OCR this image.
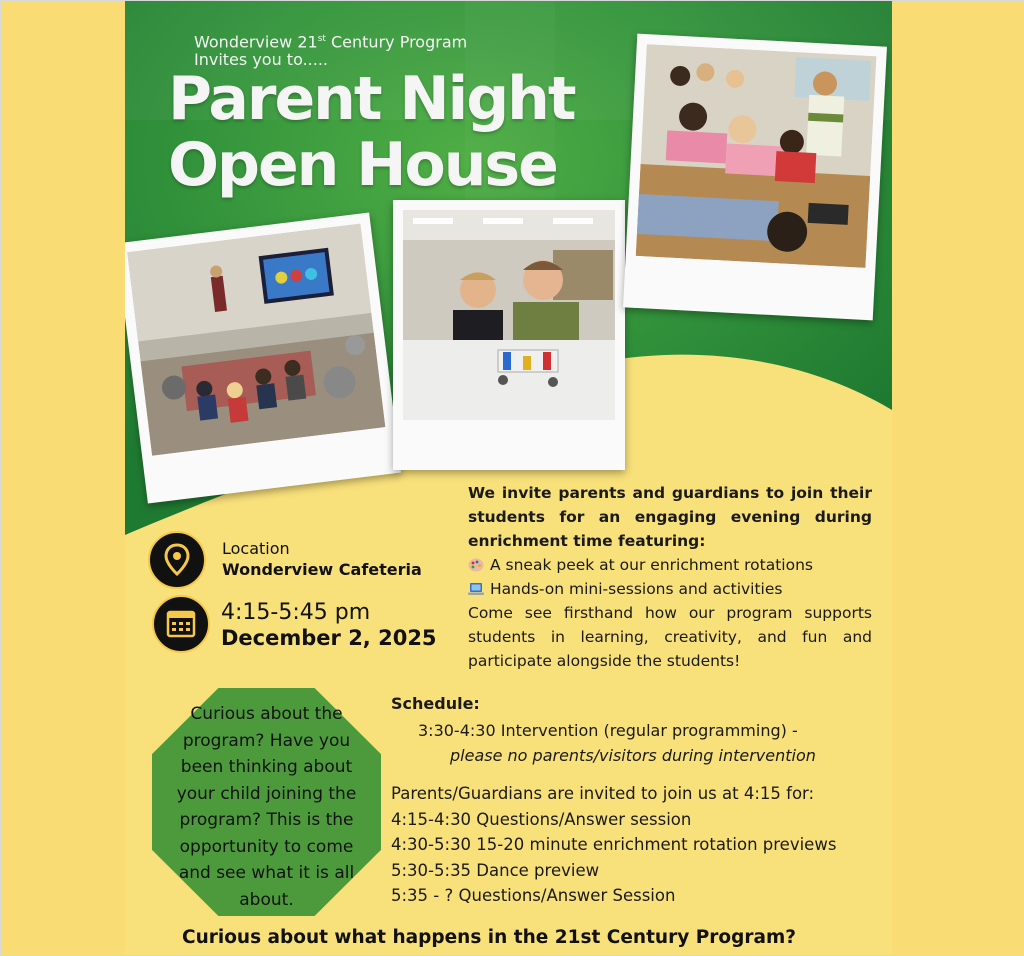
Wonderview 21st Century Program
Invites you to.....
Parent Night
Open House
We invite parents and guardians to join their students for an engaging evening during enrichment time featuring:
A sneak peek at our enrichment rotations
Hands-on mini-sessions and activities
Come see firsthand how our program supports students in learning, creativity, and fun and participate alongside the students!
Location
Wonderview Cafeteria
4:15-5:45 pm
December 2, 2025
Curious about the program? Have you been thinking about your child joining the program? This is the opportunity to come and see what it is all about.
Schedule:
3:30-4:30 Intervention (regular programming) -
please no parents/visitors during intervention
Parents/Guardians are invited to join us at 4:15 for:
4:15-4:30 Questions/Answer session
4:30-5:30 15-20 minute enrichment rotation previews
5:30-5:35 Dance preview
5:35 - ? Questions/Answer Session
Curious about what happens in the 21st Century Program?
